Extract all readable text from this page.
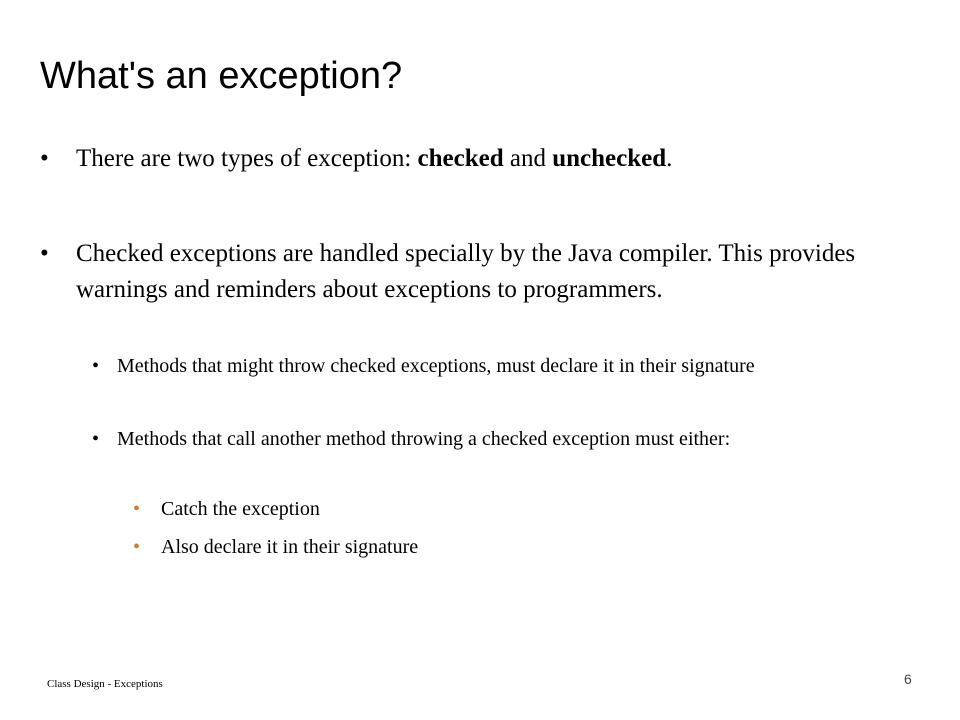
What's an exception?
•	There are two types of exception: checked and unchecked.
•	Checked exceptions are handled specially by the Java compiler. This provides warnings and reminders about exceptions to programmers.
• Methods that might throw checked exceptions, must declare it in their signature
• Methods that call another method throwing a checked exception must either:
•	Catch the exception
•	Also declare it in their signature
Class Design - Exceptions	6
